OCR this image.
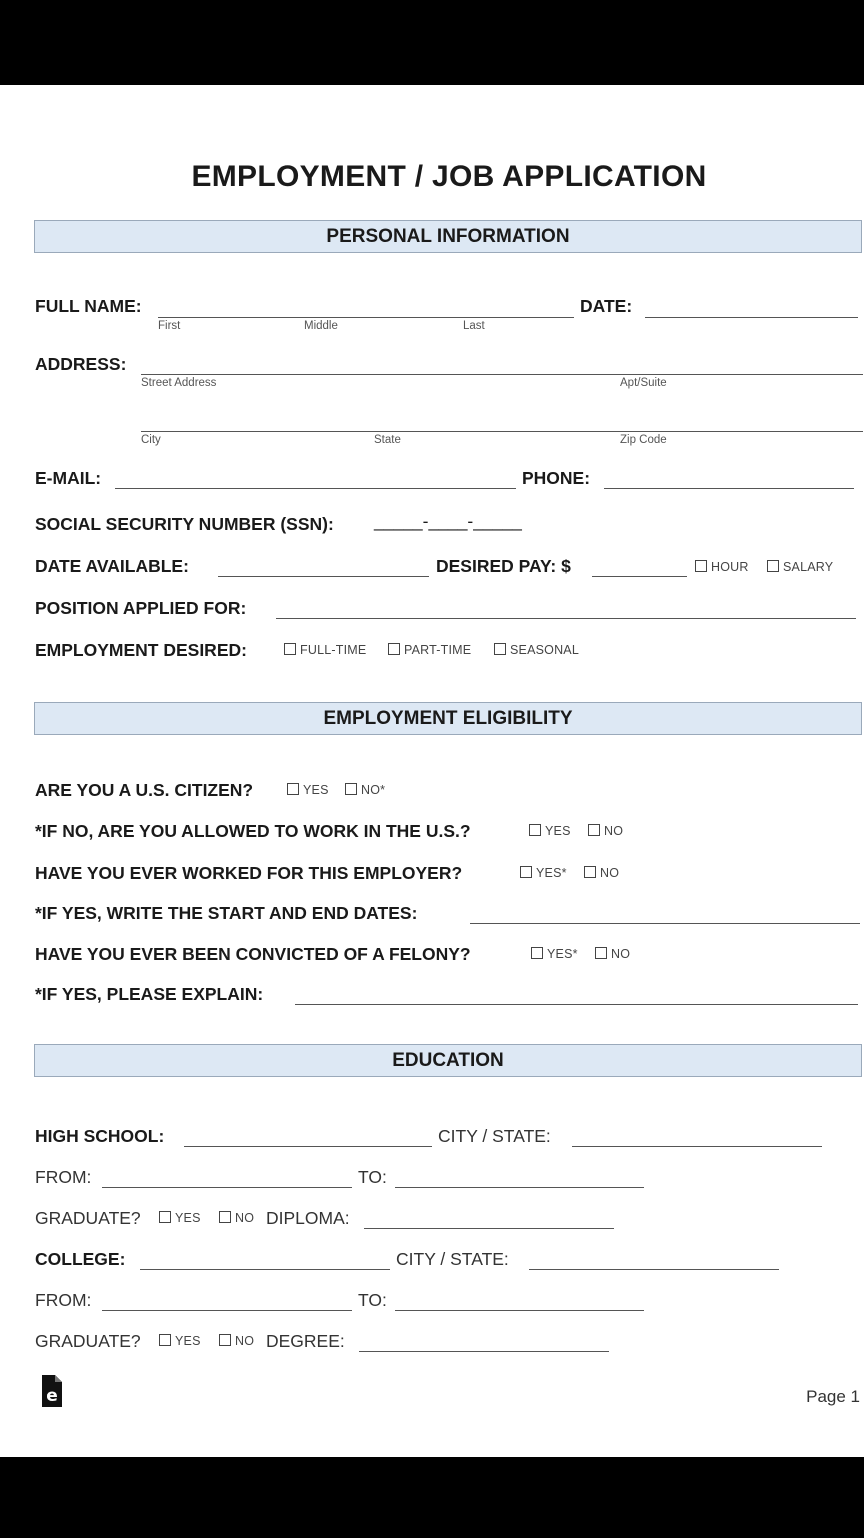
EMPLOYMENT / JOB APPLICATION
PERSONAL INFORMATION
FULL NAME:
First	Middle	Last
DATE:
ADDRESS:
Street Address	Apt/Suite
City	State	Zip Code
E-MAIL:	PHONE:
SOCIAL SECURITY NUMBER (SSN): _____-____-_____
DATE AVAILABLE:	DESIRED PAY: $	HOUR	SALARY
POSITION APPLIED FOR:
EMPLOYMENT DESIRED:	FULL-TIME	PART-TIME	SEASONAL
EMPLOYMENT ELIGIBILITY
ARE YOU A U.S. CITIZEN?	YES	NO*
*IF NO, ARE YOU ALLOWED TO WORK IN THE U.S.?	YES	NO
HAVE YOU EVER WORKED FOR THIS EMPLOYER?	YES*	NO
*IF YES, WRITE THE START AND END DATES:
HAVE YOU EVER BEEN CONVICTED OF A FELONY?	YES*	NO
*IF YES, PLEASE EXPLAIN:
EDUCATION
HIGH SCHOOL:	CITY / STATE:
FROM:	TO:
GRADUATE?	YES	NO DIPLOMA:
COLLEGE:	CITY / STATE:
FROM:	TO:
GRADUATE?	YES	NO DEGREE:
e	Page 1
